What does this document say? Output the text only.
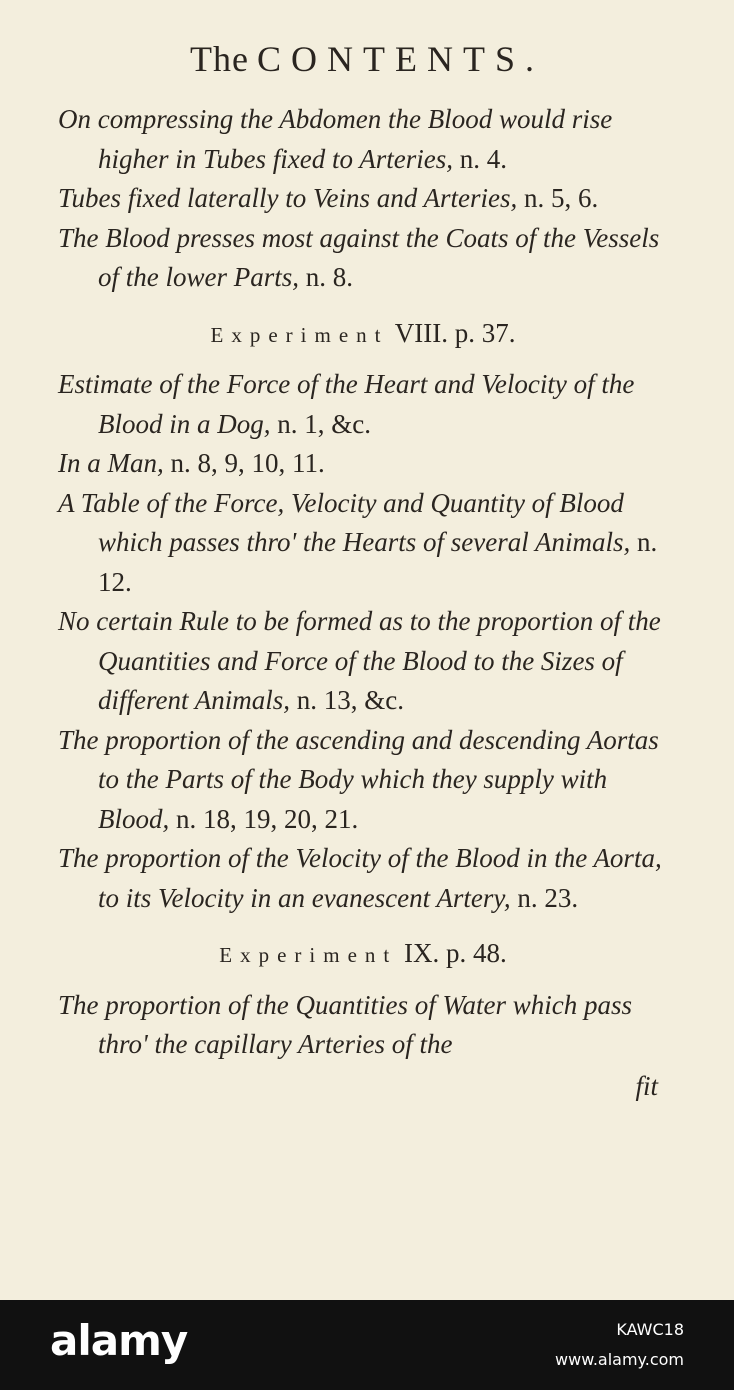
The CONTENTS.

On compressing the Abdomen the Blood would rise higher in Tubes fixed to Arteries, n. 4.

Tubes fixed laterally to Veins and Arteries, n. 5, 6.

The Blood presses most against the Coats of the Vessels of the lower Parts, n. 8.

Experiment VIII. p. 37.

Estimate of the Force of the Heart and Velocity of the Blood in a Dog, n. 1, &c.

In a Man, n. 8, 9, 10, 11.

A Table of the Force, Velocity and Quantity of Blood which passes thro' the Hearts of several Animals, n. 12.

No certain Rule to be formed as to the proportion of the Quantities and Force of the Blood to the Sizes of different Animals, n. 13, &c.

The proportion of the ascending and descending Aortas to the Parts of the Body which they supply with Blood, n. 18, 19, 20, 21.

The proportion of the Velocity of the Blood in the Aorta, to its Velocity in an evanescent Artery, n. 23.

Experiment IX. p. 48.

The proportion of the Quantities of Water which pass thro' the capillary Arteries of the

fit
alamy	KAWC18
www.alamy.com
